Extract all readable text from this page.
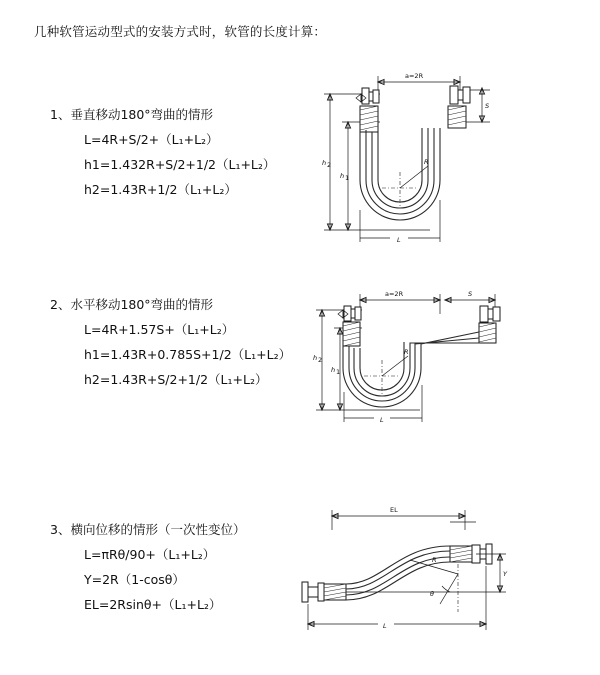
几种软管运动型式的安装方式时，软管的长度计算：
1、垂直移动180°弯曲的情形
L=4R+S/2+（L₁+L₂）
h1=1.432R+S/2+1/2（L₁+L₂）
h2=1.43R+1/2（L₁+L₂）
a=2R
S
h 2
h 1
R
L
2、水平移动180°弯曲的情形
L=4R+1.57S+（L₁+L₂）
h1=1.43R+0.785S+1/2（L₁+L₂）
h2=1.43R+S/2+1/2（L₁+L₂）
a=2R	S
h 2
h 1
R
L
3、横向位移的情形（一次性变位）
L=πRθ/90+（L₁+L₂）
Y=2R（1-cosθ）
EL=2Rsinθ+（L₁+L₂）
EL
Y
R
θ
L
